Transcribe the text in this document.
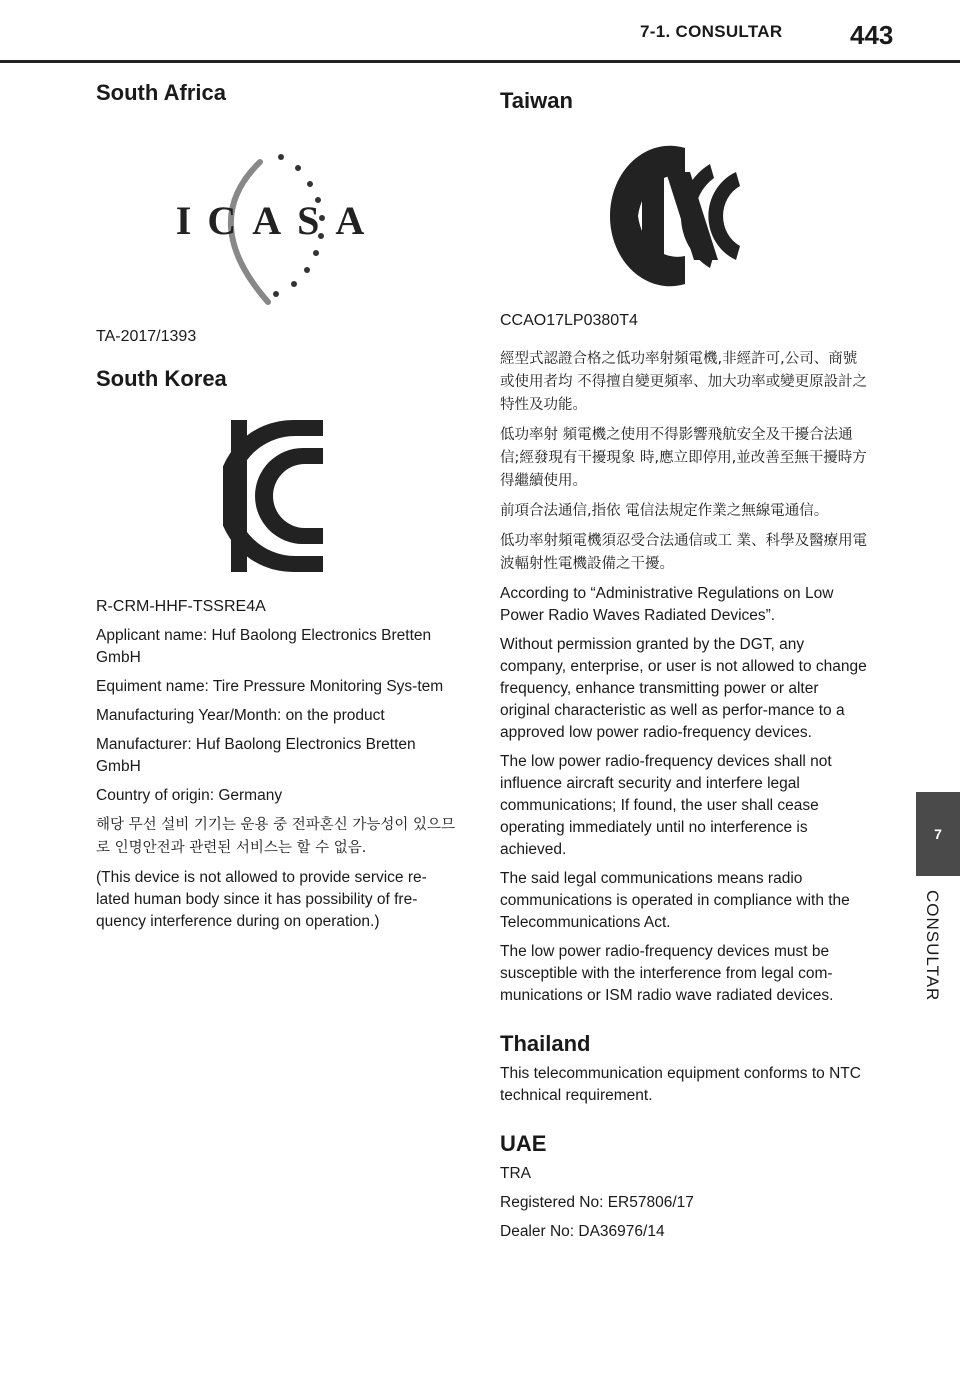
7-1. CONSULTAR	443
7
CONSULTAR
South Africa
ICASA

TA-2017/1393

South Korea

R-CRM-HHF-TSSRE4A

Applicant name: Huf Baolong Electronics Bretten GmbH

Equiment name: Tire Pressure Monitoring Sys-tem

Manufacturing Year/Month: on the product

Manufacturer: Huf Baolong Electronics Bretten GmbH

Country of origin: Germany

해당 무선 설비 기기는 운용 중 전파혼신 가능성이 있으므로 인명안전과 관련된 서비스는 할 수 없음.

(This device is not allowed to provide service re-lated human body since it has possibility of fre-quency interference during on operation.)

Taiwan

CCAO17LP0380T4

經型式認證合格之低功率射頻電機,非經許可,公司、商號或使用者均 不得擅自變更頻率、加大功率或變更原設計之特性及功能。

低功率射 頻電機之使用不得影響飛航安全及干擾合法通信;經發現有干擾現象 時,應立即停用,並改善至無干擾時方得繼續使用。

前項合法通信,指依 電信法規定作業之無線電通信。

低功率射頻電機須忍受合法通信或工 業、科學及醫療用電波輻射性電機設備之干擾。

According to “Administrative Regulations on Low Power Radio Waves Radiated Devices”.

Without permission granted by the DGT, any company, enterprise, or user is not allowed to change frequency, enhance transmitting power or alter original characteristic as well as perfor-mance to a approved low power radio-frequency devices.

The low power radio-frequency devices shall not influence aircraft security and interfere legal communications; If found, the user shall cease operating immediately until no interference is achieved.

The said legal communications means radio communications is operated in compliance with the Telecommunications Act.

The low power radio-frequency devices must be susceptible with the interference from legal com-munications or ISM radio wave radiated devices.

Thailand

This telecommunication equipment conforms to NTC technical requirement.

UAE

TRA

Registered No: ER57806/17

Dealer No: DA36976/14
